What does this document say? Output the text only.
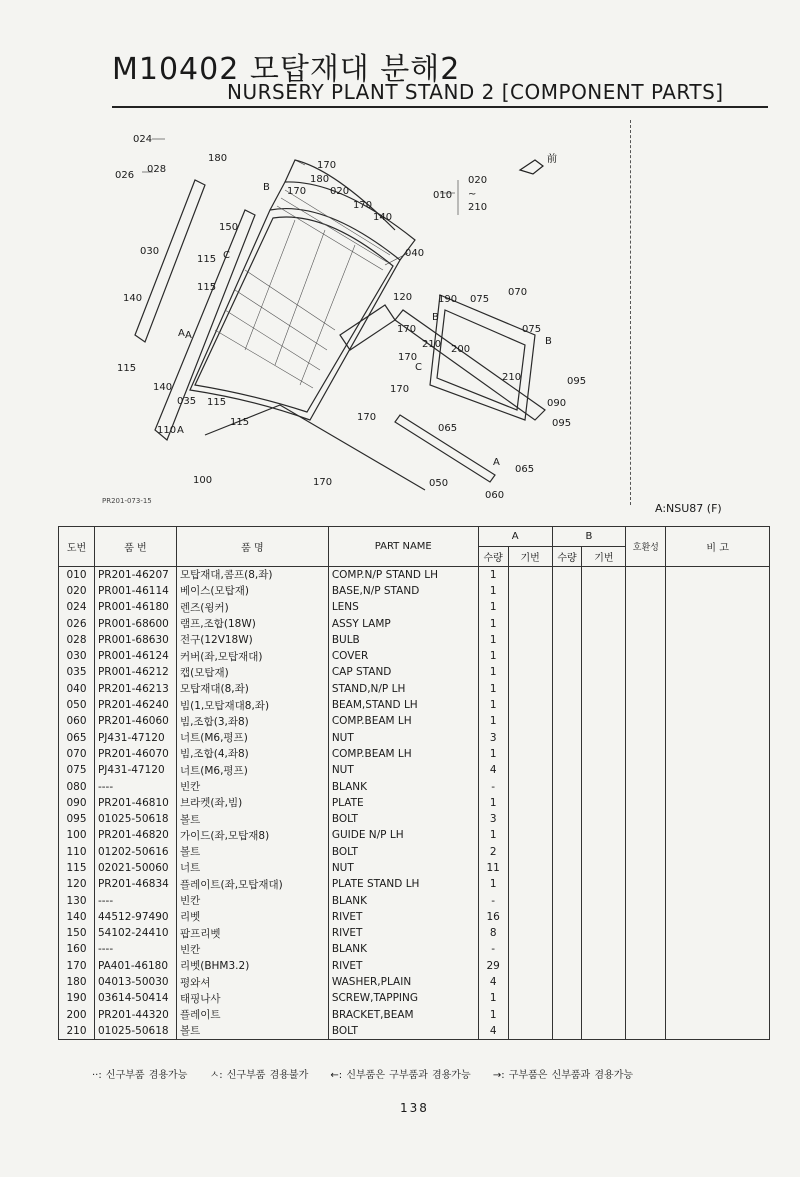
M10402 모탑재대 분해2
NURSERY PLANT STAND 2 [COMPONENT PARTS]
前
024
026
028
180
170
180
170 020
170
140
150
030
115
115
140
040
010
020
~
210
120
170
190 075
070
075
B
A
115
140
035 115
115
170
210 200
210
170
095
090
095
110
170
A	065
065
A
100	170	050
060
B
C
C
B
A
PR201-073-15
A:NSU87 (F)
도번	품 번	품 명	PART NAME	A		B		호환성	비 고
				수량	기번	수량	기번		
010	PR201-46207	모탑재대,콤프(8,좌)	COMP.N/P STAND LH	1					
020	PR001-46114	베이스(모탑재)	BASE,N/P STAND	1					
024	PR001-46180	렌즈(윙커)	LENS	1					
026	PR001-68600	램프,조합(18W)	ASSY LAMP	1					
028	PR001-68630	전구(12V18W)	BULB	1					
030	PR001-46124	커버(좌,모탑재대)	COVER	1					
035	PR001-46212	캡(모탑재)	CAP STAND	1					
040	PR201-46213	모탑재대(8,좌)	STAND,N/P LH	1					
050	PR201-46240	빔(1,모탑재대8,좌)	BEAM,STAND LH	1					
060	PR201-46060	빔,조합(3,좌8)	COMP.BEAM LH	1					
065	PJ431-47120	너트(M6,평프)	NUT	3					
070	PR201-46070	빔,조합(4,좌8)	COMP.BEAM LH	1					
075	PJ431-47120	너트(M6,평프)	NUT	4					
080	----	빈칸	BLANK	-					
090	PR201-46810	브라켓(좌,빔)	PLATE	1					
095	01025-50618	볼트	BOLT	3					
100	PR201-46820	가이드(좌,모탑재8)	GUIDE N/P LH	1					
110	01202-50616	볼트	BOLT	2					
115	02021-50060	너트	NUT	11					
120	PR201-46834	플레이트(좌,모탑재대)	PLATE STAND LH	1					
130	----	빈칸	BLANK	-					
140	44512-97490	리벳	RIVET	16					
150	54102-24410	팝프리벳	RIVET	8					
160	----	빈칸	BLANK	-					
170	PA401-46180	리벳(BHM3.2)	RIVET	29					
180	04013-50030	평와셔	WASHER,PLAIN	4					
190	03614-50414	태핑나사	SCREW,TAPPING	1					
200	PR201-44320	플레이트	BRACKET,BEAM	1					
210	01025-50618	볼트	BOLT	4					
··: 신구부품 겸용가능 ㅅ: 신구부품 겸용불가 ←: 신부품은 구부품과 겸용가능 →: 구부품은 신부품과 겸용가능
138
